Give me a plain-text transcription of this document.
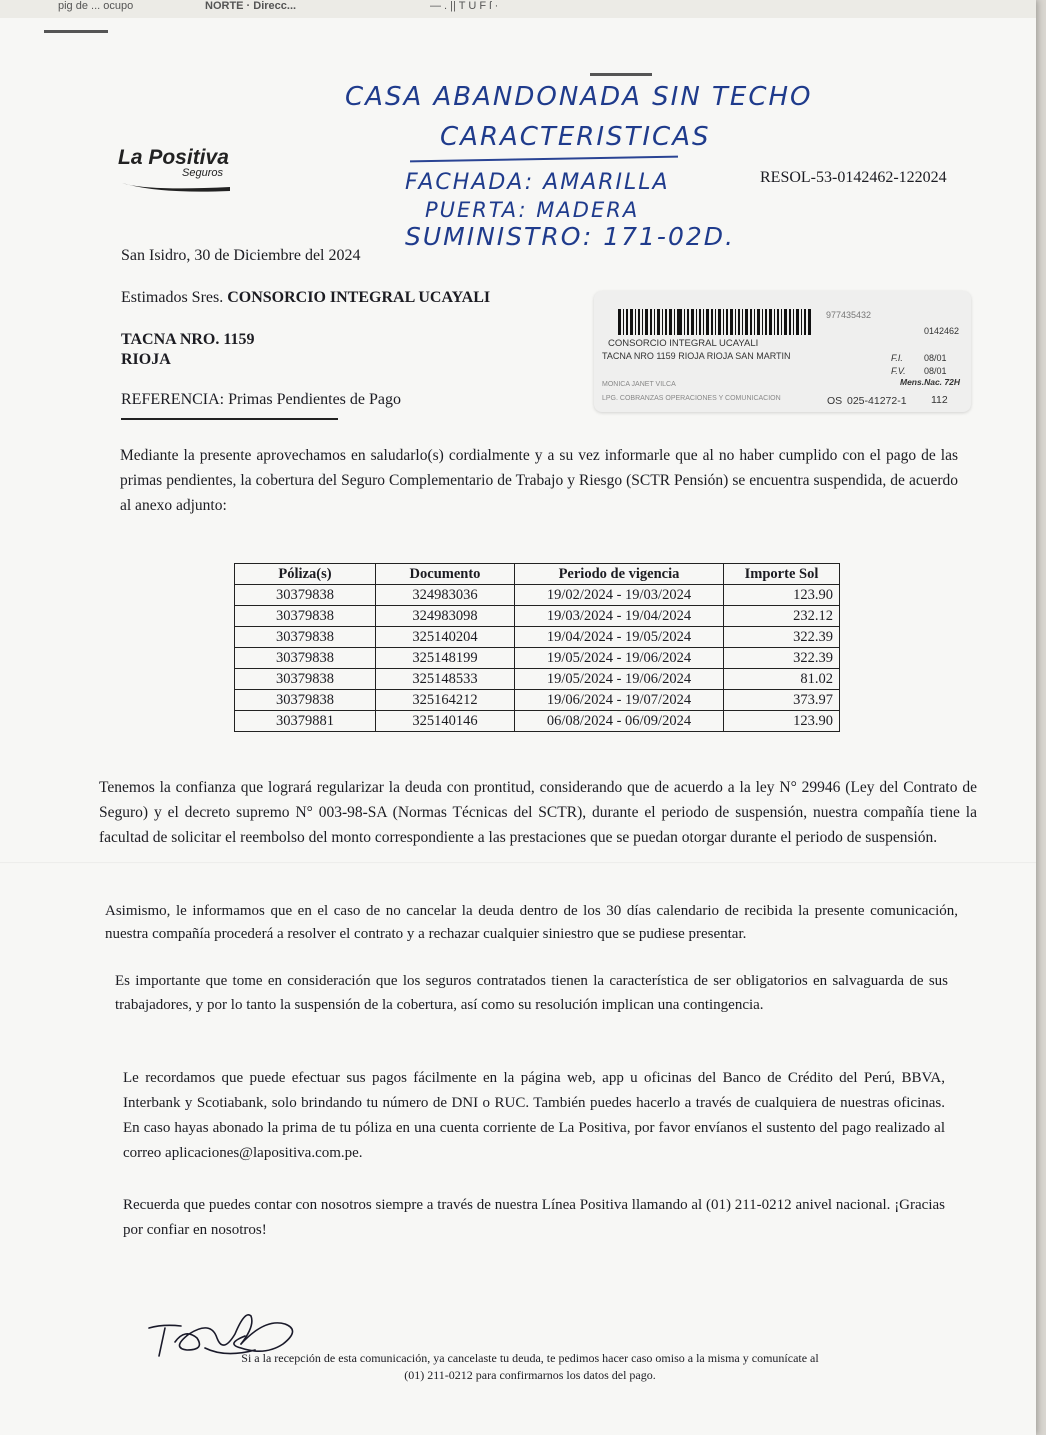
pig de ... ocupo	NORTE · Direcc...	— . || T U F ſ ·
CASA ABANDONADA SIN TECHO
CARACTERISTICAS
FACHADA: AMARILLA
PUERTA: MADERA
SUMINISTRO: 171-02D.
La Positiva
Seguros	RESOL-53-0142462-122024
San Isidro, 30 de Diciembre del 2024
Estimados Sres. CONSORCIO INTEGRAL UCAYALI
TACNA NRO. 1159
RIOJA
REFERENCIA: Primas Pendientes de Pago
977435432
0142462
CONSORCIO INTEGRAL UCAYALI
TACNA NRO 1159 RIOJA RIOJA SAN MARTIN	F.I. 08/01
F.V. 08/01
Mens.Nac. 72H
MONICA JANET VILCA
LPG. COBRANZAS OPERACIONES Y COMUNICACION	OS 025-41272-1 112
Mediante la presente aprovechamos en saludarlo(s) cordialmente y a su vez informarle que al no haber cumplido con el pago de las primas pendientes, la cobertura del Seguro Complementario de Trabajo y Riesgo (SCTR Pensión) se encuentra suspendida, de acuerdo al anexo adjunto:
Póliza(s)	Documento	Periodo de vigencia	Importe Sol
30379838	324983036	19/02/2024 - 19/03/2024	123.90
30379838	324983098	19/03/2024 - 19/04/2024	232.12
30379838	325140204	19/04/2024 - 19/05/2024	322.39
30379838	325148199	19/05/2024 - 19/06/2024	322.39
30379838	325148533	19/05/2024 - 19/06/2024	81.02
30379838	325164212	19/06/2024 - 19/07/2024	373.97
30379881	325140146	06/08/2024 - 06/09/2024	123.90
Tenemos la confianza que logrará regularizar la deuda con prontitud, considerando que de acuerdo a la ley N° 29946 (Ley del Contrato de Seguro) y el decreto supremo N° 003-98-SA (Normas Técnicas del SCTR), durante el periodo de suspensión, nuestra compañía tiene la facultad de solicitar el reembolso del monto correspondiente a las prestaciones que se puedan otorgar durante el periodo de suspensión.
Asimismo, le informamos que en el caso de no cancelar la deuda dentro de los 30 días calendario de recibida la presente comunicación, nuestra compañía procederá a resolver el contrato y a rechazar cualquier siniestro que se pudiese presentar.
Es importante que tome en consideración que los seguros contratados tienen la característica de ser obligatorios en salvaguarda de sus trabajadores, y por lo tanto la suspensión de la cobertura, así como su resolución implican una contingencia.
Le recordamos que puede efectuar sus pagos fácilmente en la página web, app u oficinas del Banco de Crédito del Perú, BBVA, Interbank y Scotiabank, solo brindando tu número de DNI o RUC. También puedes hacerlo a través de cualquiera de nuestras oficinas. En caso hayas abonado la prima de tu póliza en una cuenta corriente de La Positiva, por favor envíanos el sustento del pago realizado al correo aplicaciones@lapositiva.com.pe.
Recuerda que puedes contar con nosotros siempre a través de nuestra Línea Positiva llamando al (01) 211-0212 anivel nacional. ¡Gracias por confiar en nosotros!
Si a la recepción de esta comunicación, ya cancelaste tu deuda, te pedimos hacer caso omiso a la misma y comunícate al
(01) 211-0212 para confirmarnos los datos del pago.
